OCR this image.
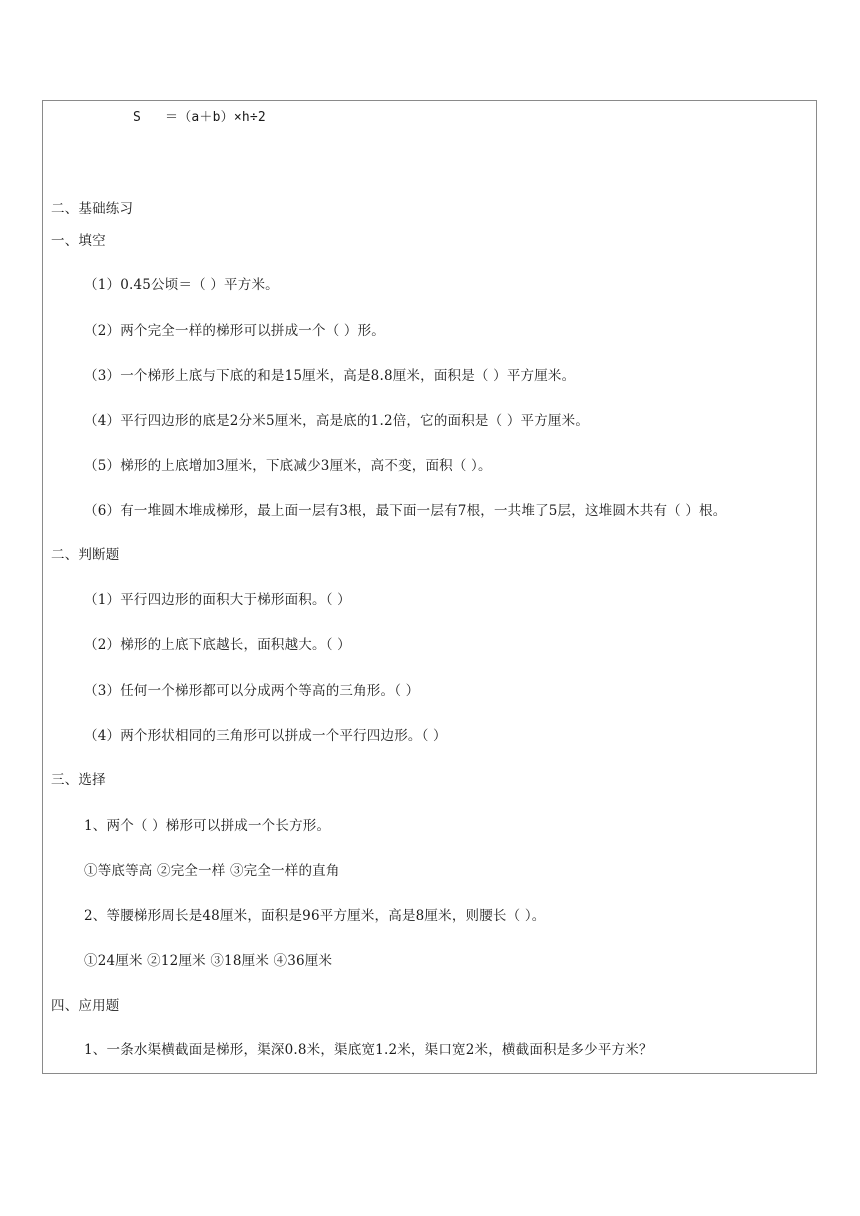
S ＝（a＋b）×h÷2
二、基础练习
一、填空
（1）0.45公顷＝（ ）平方米。
（2）两个完全一样的梯形可以拼成一个（ ）形。
（3）一个梯形上底与下底的和是15厘米，高是8.8厘米，面积是（ ）平方厘米。
（4）平行四边形的底是2分米5厘米，高是底的1.2倍，它的面积是（ ）平方厘米。
（5）梯形的上底增加3厘米，下底减少3厘米，高不变，面积（ ）。
（6）有一堆圆木堆成梯形，最上面一层有3根，最下面一层有7根，一共堆了5层，这堆圆木共有（ ）根。
二、判断题
（1）平行四边形的面积大于梯形面积。（ ）
（2）梯形的上底下底越长，面积越大。（ ）
（3）任何一个梯形都可以分成两个等高的三角形。（ ）
（4）两个形状相同的三角形可以拼成一个平行四边形。（ ）
三、选择
1、两个（ ）梯形可以拼成一个长方形。
①等底等高 ②完全一样 ③完全一样的直角
2、等腰梯形周长是48厘米，面积是96平方厘米，高是8厘米，则腰长（ ）。
①24厘米 ②12厘米 ③18厘米 ④36厘米
四、应用题
1、一条水渠横截面是梯形，渠深0.8米，渠底宽1.2米，渠口宽2米，横截面积是多少平方米？
